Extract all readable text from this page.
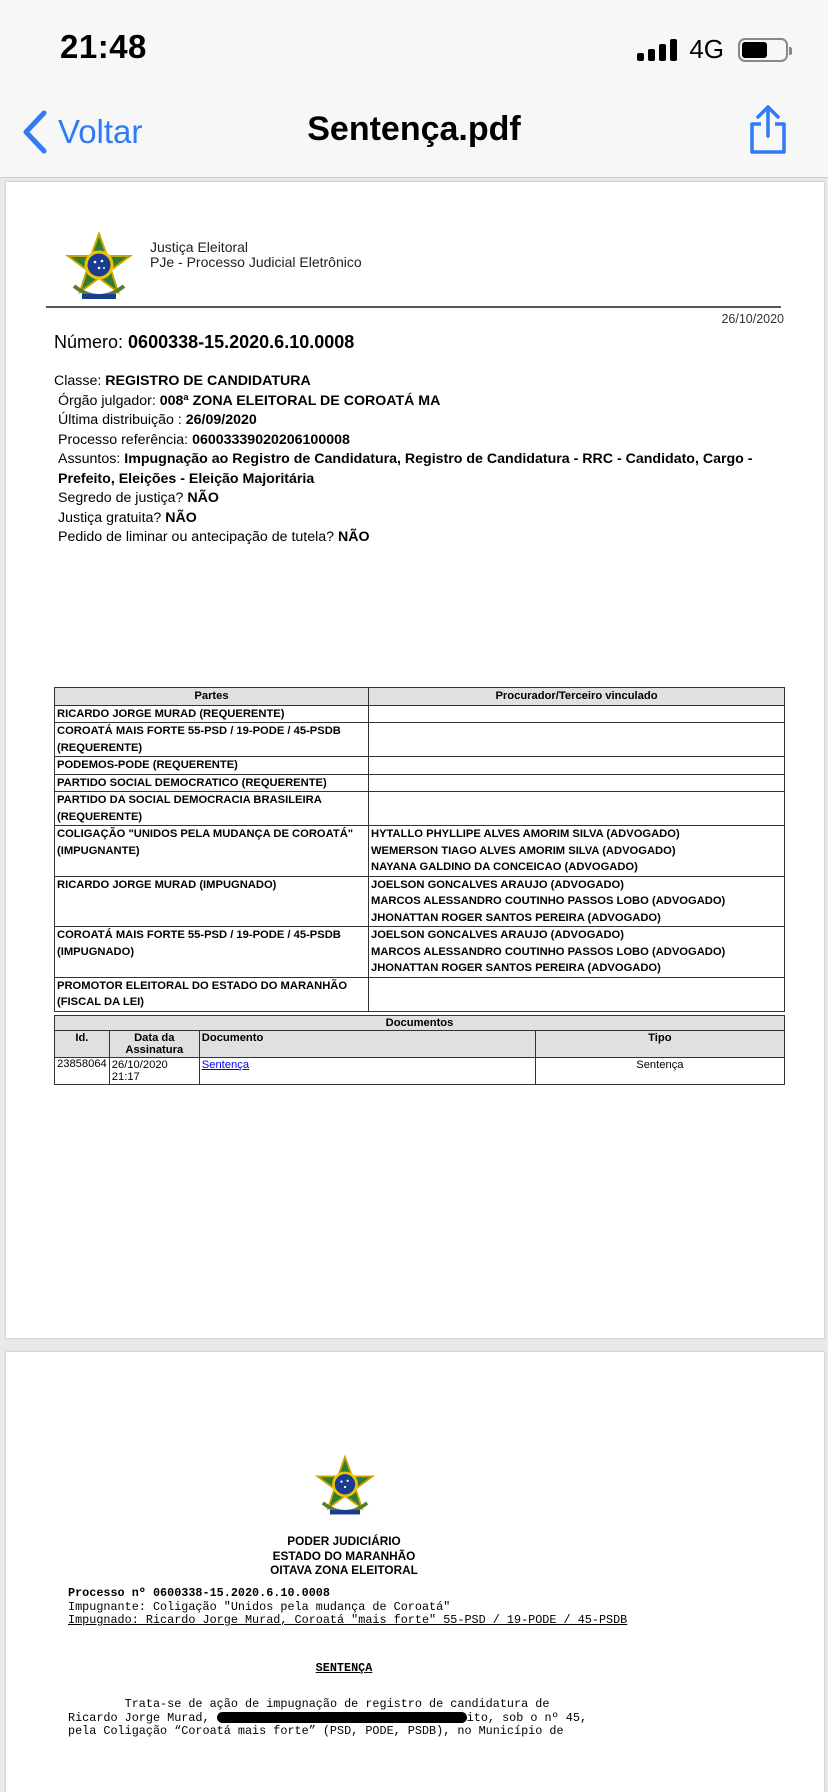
21:48	4G
Voltar	Sentença.pdf
Justiça Eleitoral
PJe - Processo Judicial Eletrônico
26/10/2020
Número: 0600338-15.2020.6.10.0008
Classe: REGISTRO DE CANDIDATURA
Órgão julgador: 008ª ZONA ELEITORAL DE COROATÁ MA
Última distribuição : 26/09/2020
Processo referência: 06003339020206100008
Assuntos: Impugnação ao Registro de Candidatura, Registro de Candidatura - RRC - Candidato, Cargo - Prefeito, Eleições - Eleição Majoritária
Segredo de justiça? NÃO
Justiça gratuita? NÃO
Pedido de liminar ou antecipação de tutela? NÃO
Partes	Procurador/Terceiro vinculado
RICARDO JORGE MURAD (REQUERENTE)	
COROATÁ MAIS FORTE 55-PSD / 19-PODE / 45-PSDB (REQUERENTE)	
PODEMOS-PODE (REQUERENTE)	
PARTIDO SOCIAL DEMOCRATICO (REQUERENTE)	
PARTIDO DA SOCIAL DEMOCRACIA BRASILEIRA (REQUERENTE)	
COLIGAÇÃO "UNIDOS PELA MUDANÇA DE COROATÁ" (IMPUGNANTE)	HYTALLO PHYLLIPE ALVES AMORIM SILVA (ADVOGADO)
WEMERSON TIAGO ALVES AMORIM SILVA (ADVOGADO)
NAYANA GALDINO DA CONCEICAO (ADVOGADO)

RICARDO JORGE MURAD (IMPUGNADO)	JOELSON GONCALVES ARAUJO (ADVOGADO)
MARCOS ALESSANDRO COUTINHO PASSOS LOBO (ADVOGADO)
JHONATTAN ROGER SANTOS PEREIRA (ADVOGADO)

COROATÁ MAIS FORTE 55-PSD / 19-PODE / 45-PSDB (IMPUGNADO)	JOELSON GONCALVES ARAUJO (ADVOGADO)
MARCOS ALESSANDRO COUTINHO PASSOS LOBO (ADVOGADO)
JHONATTAN ROGER SANTOS PEREIRA (ADVOGADO)

PROMOTOR ELEITORAL DO ESTADO DO MARANHÃO (FISCAL DA LEI)	
Documentos			
Id.	Data da Assinatura	Documento	Tipo
23858064	26/10/2020 21:17	Sentença	Sentença
PODER JUDICIÁRIO
ESTADO DO MARANHÃO
OITAVA ZONA ELEITORAL
Processo nº 0600338-15.2020.6.10.0008
Impugnante: Coligação "Unidos pela mudança de Coroatá"
Impugnado: Ricardo Jorge Murad, Coroatá "mais forte" 55-PSD / 19-PODE / 45-PSDB
SENTENÇA
Trata-se de ação de impugnação de registro de candidatura de
Ricardo Jorge Murad,	ito, sob o nº 45,
pela Coligação “Coroatá mais forte” (PSD, PODE, PSDB), no Município de
